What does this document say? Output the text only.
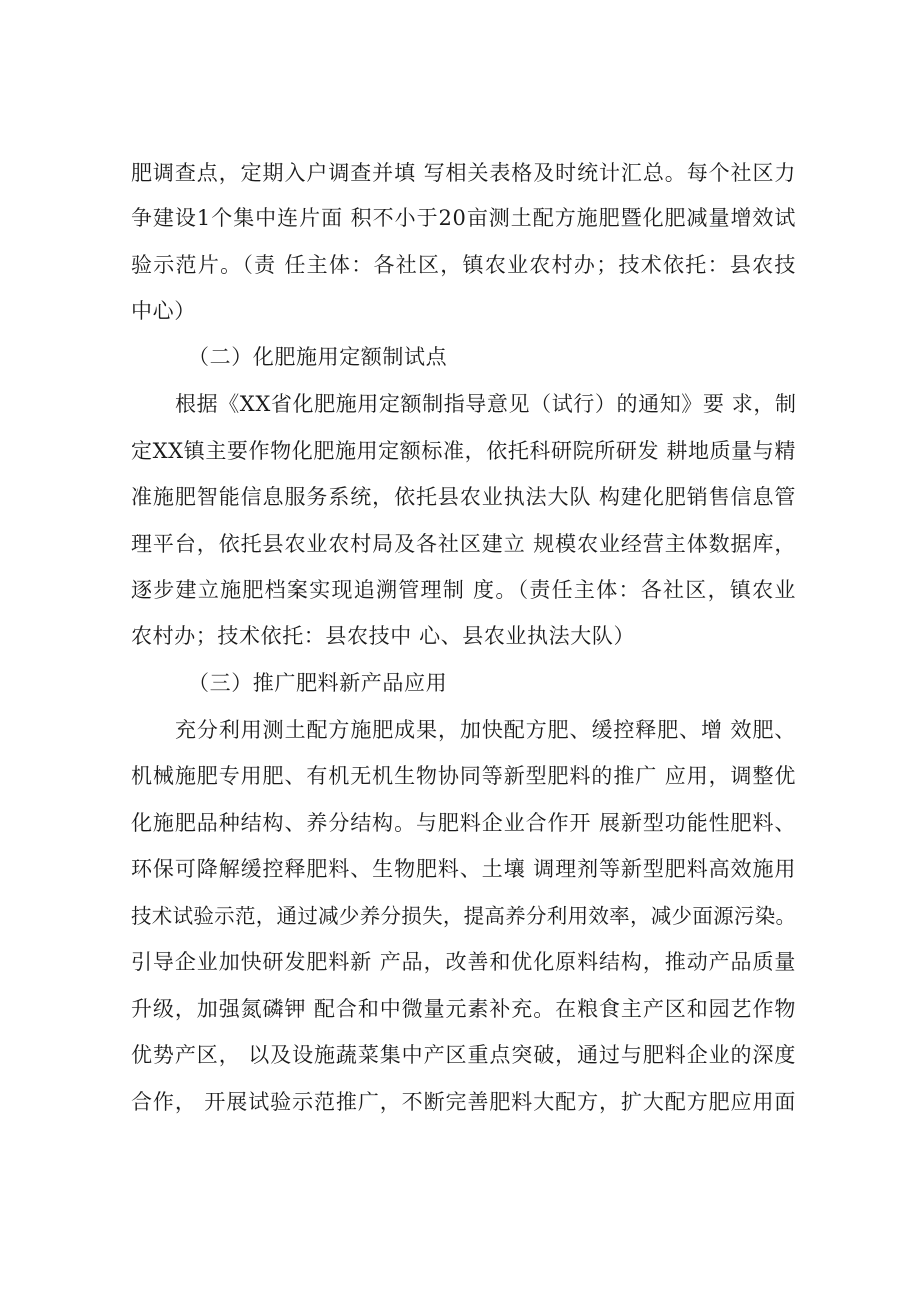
肥调查点，定期入户调查并填 写相关表格及时统计汇总。每个社区力
争建设1个集中连片面 积不小于20亩测土配方施肥暨化肥减量增效试
验示范片。（责 任主体：各社区，镇农业农村办；技术依托：县农技
中心）
（二）化肥施用定额制试点
根据《XX省化肥施用定额制指导意见（试行）的通知》要 求，制
定XX镇主要作物化肥施用定额标准，依托科研院所研发 耕地质量与精
准施肥智能信息服务系统，依托县农业执法大队 构建化肥销售信息管
理平台，依托县农业农村局及各社区建立 规模农业经营主体数据库，
逐步建立施肥档案实现追溯管理制 度。（责任主体：各社区，镇农业
农村办；技术依托：县农技中 心、县农业执法大队）
（三）推广肥料新产品应用
充分利用测土配方施肥成果，加快配方肥、缓控释肥、增 效肥、
机械施肥专用肥、有机无机生物协同等新型肥料的推广 应用，调整优
化施肥品种结构、养分结构。与肥料企业合作开 展新型功能性肥料、
环保可降解缓控释肥料、生物肥料、土壤 调理剂等新型肥料高效施用
技术试验示范，通过减少养分损失，提高养分利用效率，减少面源污染。
引导企业加快研发肥料新 产品，改善和优化原料结构，推动产品质量
升级，加强氮磷钾 配合和中微量元素补充。在粮食主产区和园艺作物
优势产区， 以及设施蔬菜集中产区重点突破，通过与肥料企业的深度
合作， 开展试验示范推广，不断完善肥料大配方，扩大配方肥应用面
